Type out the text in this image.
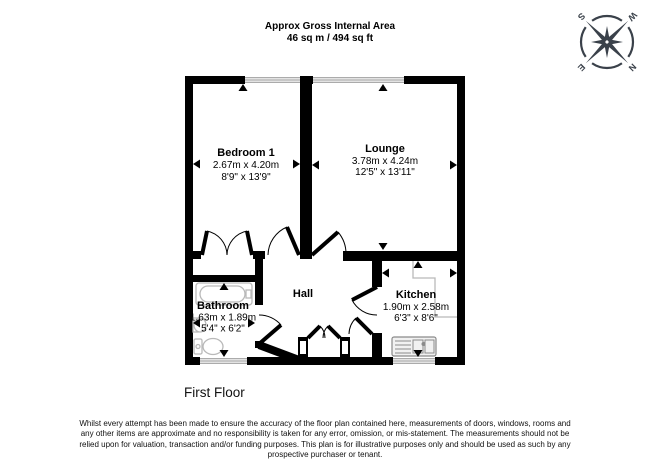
Approx Gross Internal Area
46 sq m / 494 sq ft
Bedroom 1
2.67m x 4.20m
8'9" x 13'9"
Lounge
3.78m x 4.24m
12'5" x 13'11"
Bathroom
1.63m x 1.89m
5'4" x 6'2"
Hall	Kitchen
1.90m x 2.58m
6'3" x 8'6"
N
E
S	W
First Floor
Whilst every attempt has been made to ensure the accuracy of the floor plan contained here, measurements of doors, windows, rooms and
any other items are approximate and no responsibility is taken for any error, omission, or mis-statement. The measurements should not be
relied upon for valuation, transaction and/or funding purposes. This plan is for illustrative purposes only and should be used as such by any
prospective purchaser or tenant.
